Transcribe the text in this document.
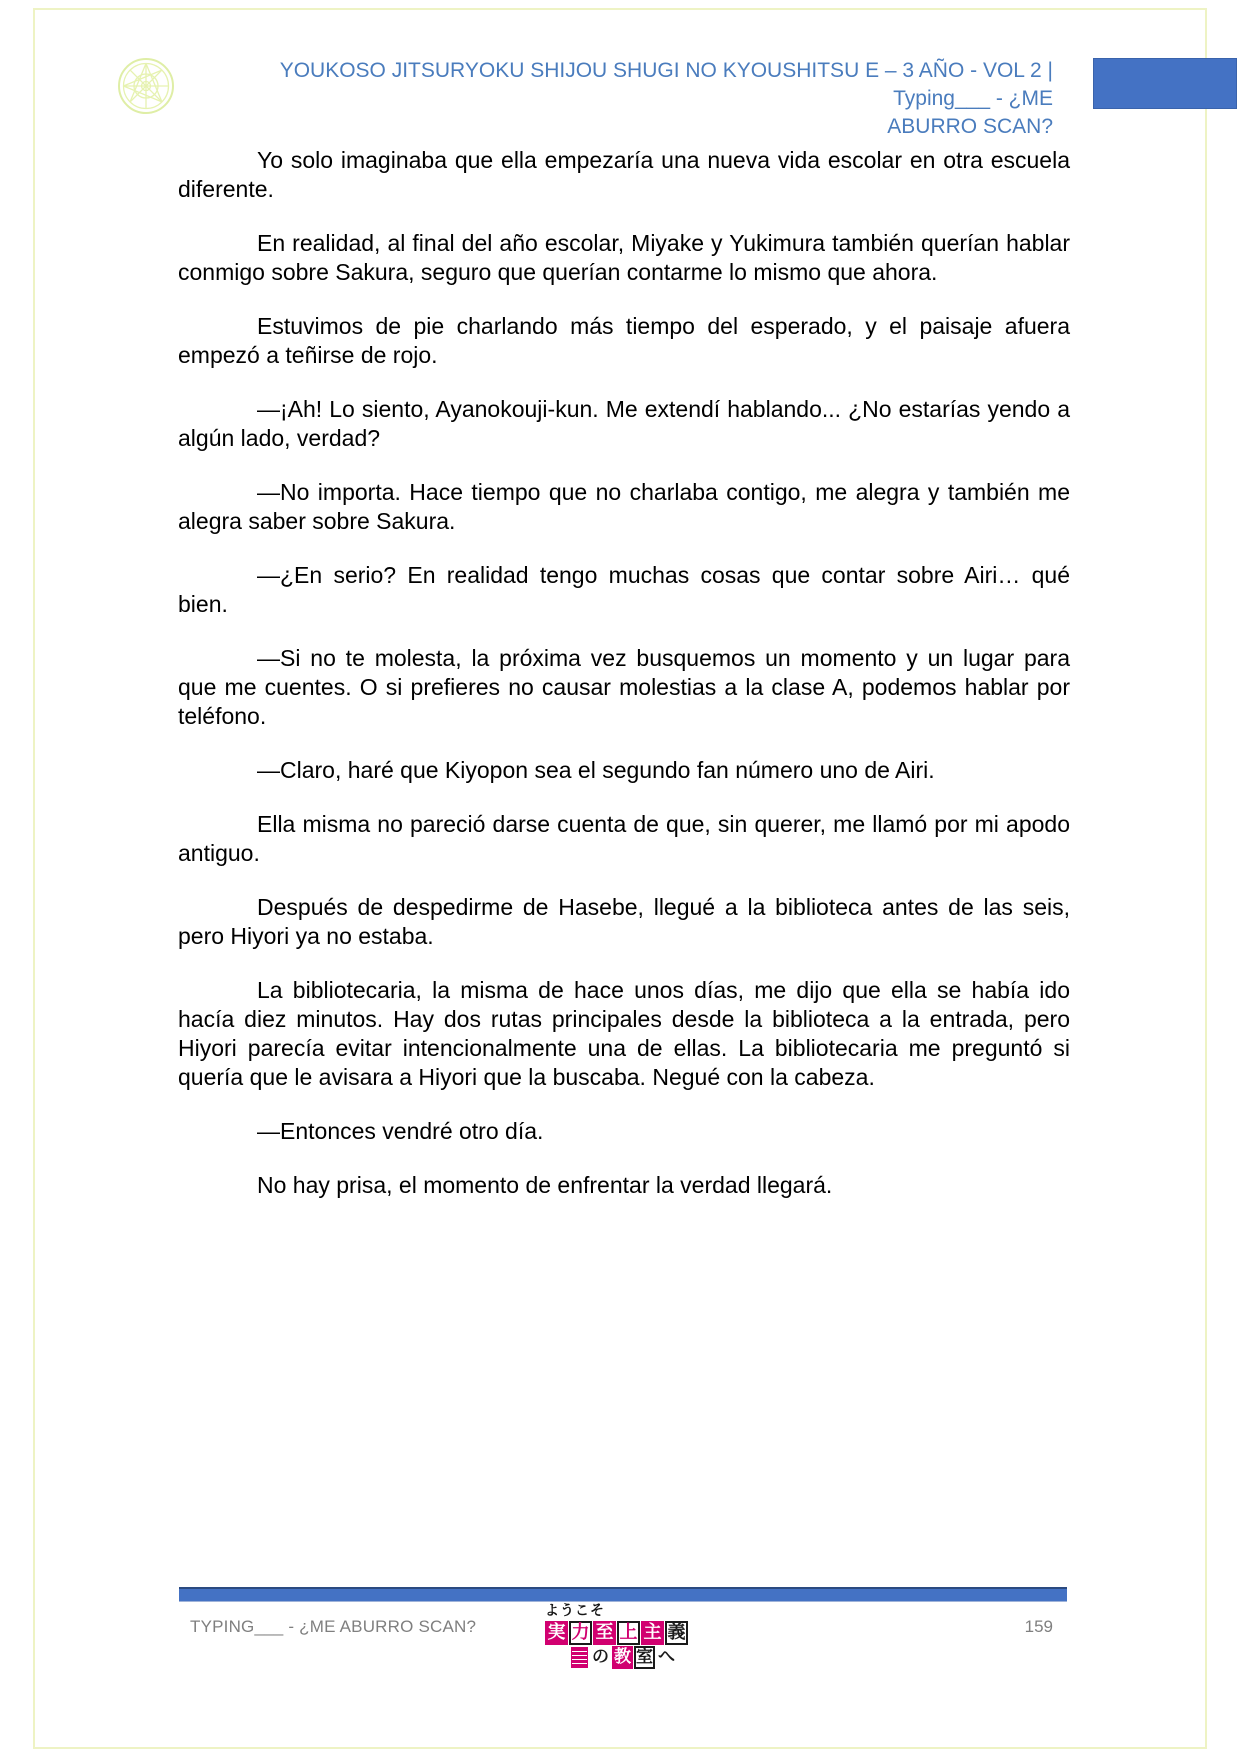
YOUKOSO JITSURYOKU SHIJOU SHUGI NO KYOUSHITSU E – 3 AÑO - VOL 2 | Typing___ - ¿ME
ABURRO SCAN?

Yo solo imaginaba que ella empezaría una nueva vida escolar en otra escuela diferente.

En realidad, al final del año escolar, Miyake y Yukimura también querían hablar conmigo sobre Sakura, seguro que querían contarme lo mismo que ahora.

Estuvimos de pie charlando más tiempo del esperado, y el paisaje afuera empezó a teñirse de rojo.

—¡Ah! Lo siento, Ayanokouji-kun. Me extendí hablando... ¿No estarías yendo a algún lado, verdad?

—No importa. Hace tiempo que no charlaba contigo, me alegra y también me alegra saber sobre Sakura.

—¿En serio? En realidad tengo muchas cosas que contar sobre Airi… qué bien.

—Si no te molesta, la próxima vez busquemos un momento y un lugar para que me cuentes. O si prefieres no causar molestias a la clase A, podemos hablar por teléfono.

—Claro, haré que Kiyopon sea el segundo fan número uno de Airi.

Ella misma no pareció darse cuenta de que, sin querer, me llamó por mi apodo antiguo.

Después de despedirme de Hasebe, llegué a la biblioteca antes de las seis, pero Hiyori ya no estaba.

La bibliotecaria, la misma de hace unos días, me dijo que ella se había ido hacía diez minutos. Hay dos rutas principales desde la biblioteca a la entrada, pero Hiyori parecía evitar intencionalmente una de ellas. La bibliotecaria me preguntó si quería que le avisara a Hiyori que la buscaba. Negué con la cabeza.

—Entonces vendré otro día.

No hay prisa, el momento de enfrentar la verdad llegará.

TYPING___ - ¿ME ABURRO SCAN?
ようこそ
実 力 至 上 主 義
の 教 室 へ
159
